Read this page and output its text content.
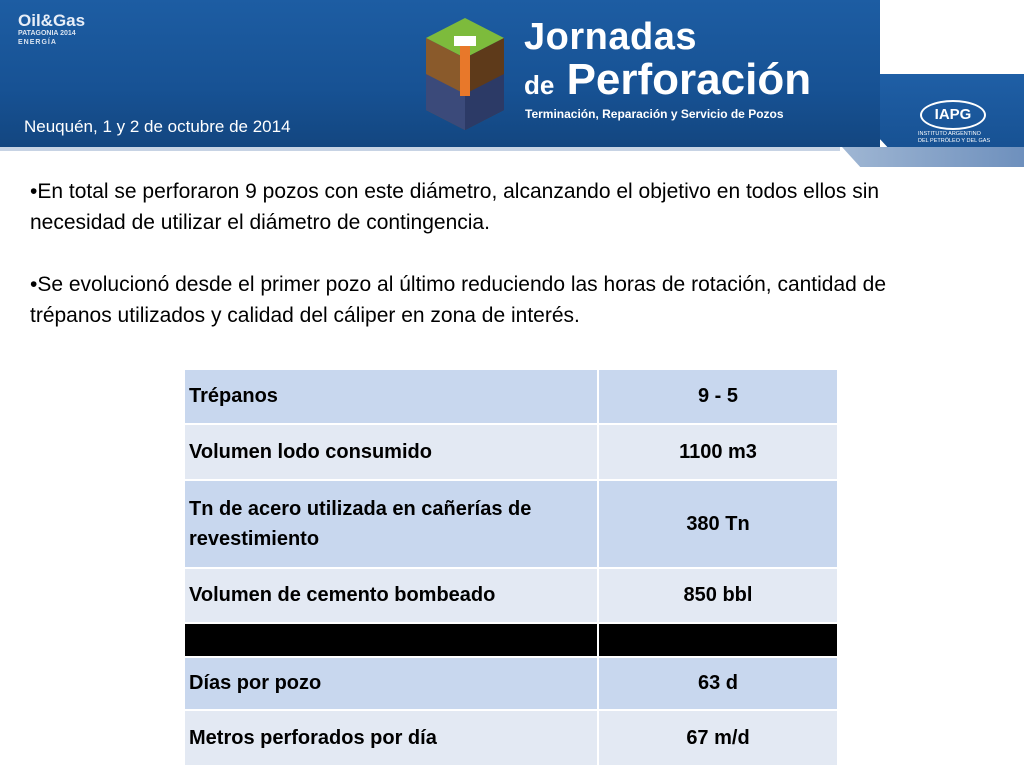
Oil&Gas
PATAGONIA 2014
ENERGÍA	Jornadas
de Perforación
Terminación, Reparación y Servicio de Pozos
Neuquén, 1 y 2 de octubre de 2014
IAPG
INSTITUTO ARGENTINO
DEL PETRÓLEO Y DEL GAS

•En total se perforaron 9 pozos con este diámetro, alcanzando el objetivo en todos ellos sin necesidad de utilizar el diámetro de contingencia.

•Se evolucionó desde el primer pozo al último reduciendo las horas de rotación, cantidad de trépanos utilizados y calidad del cáliper en zona de interés.

Trépanos	9 - 5
Volumen lodo consumido	1100 m3
Tn de acero utilizada en cañerías de revestimiento	380 Tn
Volumen de cemento bombeado	850 bbl

Días por pozo	63 d
Metros perforados por día	67 m/d
